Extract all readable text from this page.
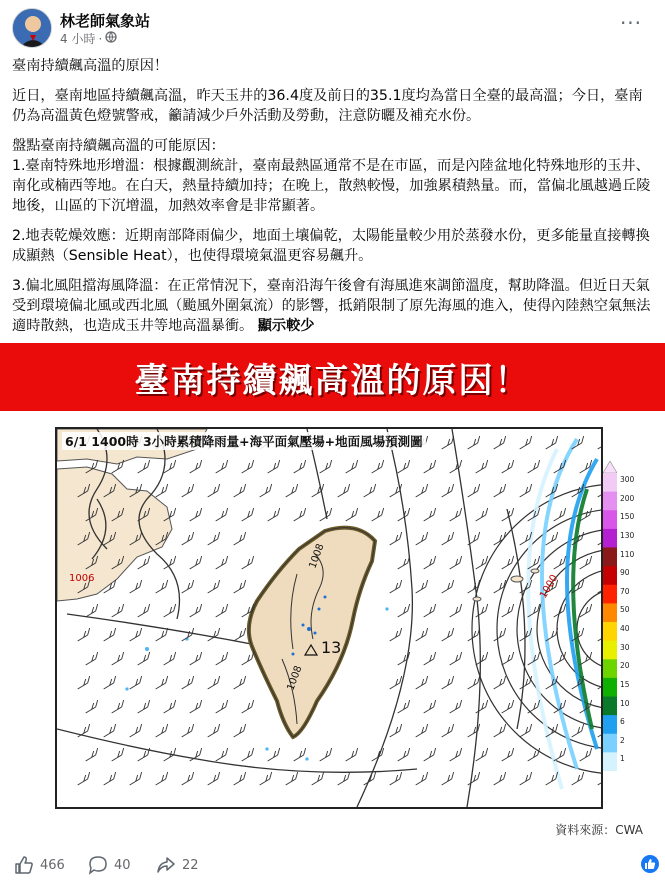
林老師氣象站
4 小時 ·
···

臺南持續飆高溫的原因！

近日，臺南地區持續飆高溫，昨天玉井的36.4度及前日的35.1度均為當日全臺的最高溫；今日，臺南仍為高溫黃色燈號警戒，籲請減少戶外活動及勞動，注意防曬及補充水份。

盤點臺南持續飆高溫的可能原因：

1.臺南特殊地形增溫：根據觀測統計，臺南最熱區通常不是在市區，而是內陸盆地化特殊地形的玉井、南化或楠西等地。在白天，熱量持續加持；在晚上，散熱較慢，加強累積熱量。而，當偏北風越過丘陵地後，山區的下沉增溫，加熱效率會是非常顯著。

2.地表乾燥效應：近期南部降雨偏少，地面土壤偏乾，太陽能量較少用於蒸發水份，更多能量直接轉換成顯熱（Sensible Heat），也使得環境氣溫更容易飆升。

3.偏北風阻擋海風降溫：在正常情況下，臺南沿海午後會有海風進來調節溫度，幫助降溫。但近日天氣受到環境偏北風或西北風（颱風外圍氣流）的影響，抵銷限制了原先海風的進入，使得內陸熱空氣無法適時散熱，也造成玉井等地高溫暴衝。 顯示較少

臺南持續飆高溫的原因！
1006	1000
1008
1008
13
6/1 1400時 3小時累積降雨量+海平面氣壓場+地面風場預測圖
300
200
150
130
110
90
70
50
40
30
20
15
10
6
2
1
資料來源：CWA
466	40	22
